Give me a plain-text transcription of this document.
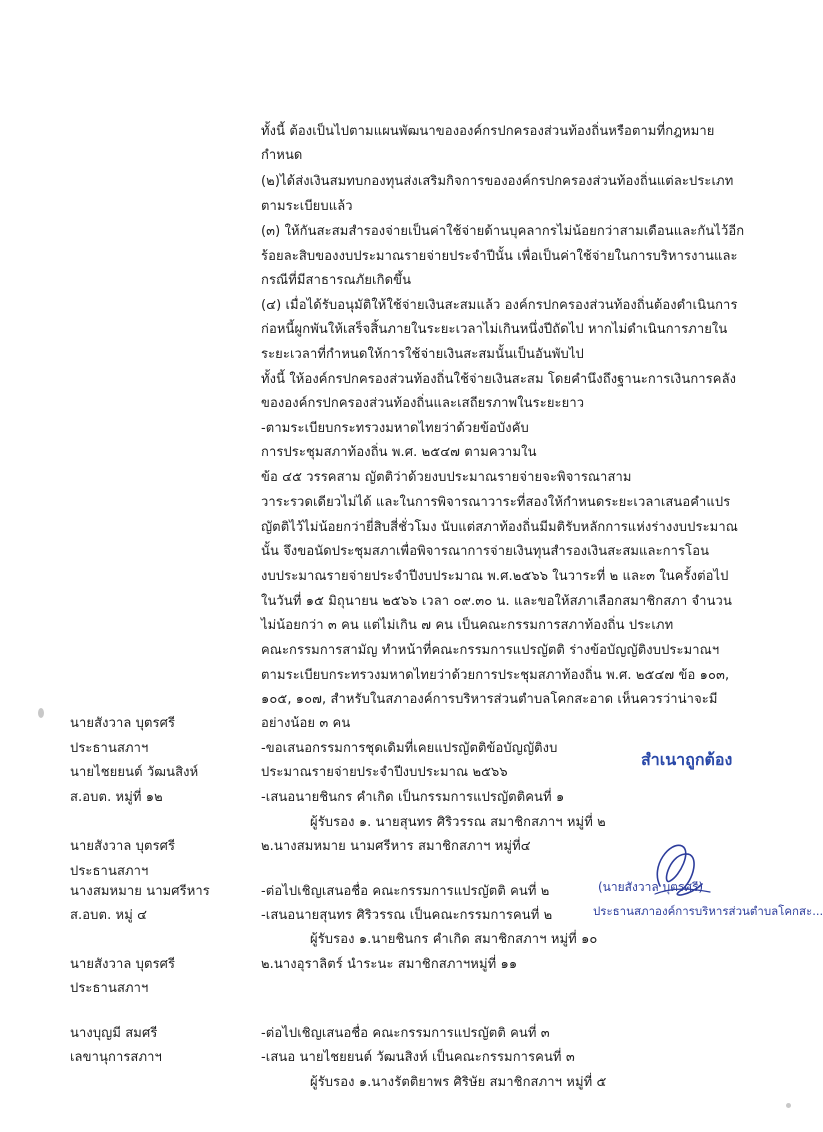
ทั้งนี้ ต้องเป็นไปตามแผนพัฒนาขององค์กรปกครองส่วนท้องถิ่นหรือตามที่กฎหมาย
กำหนด
(๒)ได้ส่งเงินสมทบกองทุนส่งเสริมกิจการขององค์กรปกครองส่วนท้องถิ่นแต่ละประเภท
ตามระเบียบแล้ว
(๓) ให้กันสะสมสำรองจ่ายเป็นค่าใช้จ่ายด้านบุคลากรไม่น้อยกว่าสามเดือนและกันไว้อีก
ร้อยละสิบของงบประมาณรายจ่ายประจำปีนั้น เพื่อเป็นค่าใช้จ่ายในการบริหารงานและ
กรณีที่มีสาธารณภัยเกิดขึ้น
(๔) เมื่อได้รับอนุมัติให้ใช้จ่ายเงินสะสมแล้ว องค์กรปกครองส่วนท้องถิ่นต้องดำเนินการ
ก่อหนี้ผูกพันให้เสร็จสิ้นภายในระยะเวลาไม่เกินหนึ่งปีถัดไป หากไม่ดำเนินการภายใน
ระยะเวลาที่กำหนดให้การใช้จ่ายเงินสะสมนั้นเป็นอันพับไป
ทั้งนี้ ให้องค์กรปกครองส่วนท้องถิ่นใช้จ่ายเงินสะสม โดยคำนึงถึงฐานะการเงินการคลัง
ขององค์กรปกครองส่วนท้องถิ่นและเสถียรภาพในระยะยาว
-ตามระเบียบกระทรวงมหาดไทยว่าด้วยข้อบังคับ
การประชุมสภาท้องถิ่น พ.ศ. ๒๕๔๗ ตามความใน
ข้อ ๔๕ วรรคสาม ญัตติว่าด้วยงบประมาณรายจ่ายจะพิจารณาสาม
วาระรวดเดียวไม่ได้ และในการพิจารณาวาระที่สองให้กำหนดระยะเวลาเสนอคำแปร
ญัตติไว้ไม่น้อยกว่ายี่สิบสี่ชั่วโมง นับแต่สภาท้องถิ่นมีมติรับหลักการแห่งร่างงบประมาณ
นั้น จึงขอนัดประชุมสภาเพื่อพิจารณาการจ่ายเงินทุนสำรองเงินสะสมและการโอน
งบประมาณรายจ่ายประจำปีงบประมาณ พ.ศ.๒๕๖๖ ในวาระที่ ๒ และ๓ ในครั้งต่อไป
ในวันที่ ๑๕ มิถุนายน ๒๕๖๖ เวลา ๐๙.๓๐ น. และขอให้สภาเลือกสมาชิกสภา จำนวน
ไม่น้อยกว่า ๓ คน แต่ไม่เกิน ๗ คน เป็นคณะกรรมการสภาท้องถิ่น ประเภท
คณะกรรมการสามัญ ทำหน้าที่คณะกรรมการแปรญัตติ ร่างข้อบัญญัติงบประมาณฯ
ตามระเบียบกระทรวงมหาดไทยว่าด้วยการประชุมสภาท้องถิ่น พ.ศ. ๒๕๔๗ ข้อ ๑๐๓,
๑๐๕, ๑๐๗, สำหรับในสภาองค์การบริหารส่วนตำบลโคกสะอาด เห็นควรว่าน่าจะมี
อย่างน้อย ๓ คน
-ขอเสนอกรรมการชุดเดิมที่เคยแปรญัตติข้อบัญญัติงบ
ประมาณรายจ่ายประจำปีงบประมาณ ๒๕๖๖
-เสนอนายชินกร คำเกิด เป็นกรรมการแปรญัตติคนที่ ๑
ผู้รับรอง ๑. นายสุนทร ศิริวรรณ สมาชิกสภาฯ หมู่ที่ ๒
๒.นางสมหมาย นามศรีหาร สมาชิกสภาฯ หมู่ที่๔
-ต่อไปเชิญเสนอชื่อ คณะกรรมการแปรญัตติ คนที่ ๒
-เสนอนายสุนทร ศิริวรรณ เป็นคณะกรรมการคนที่ ๒
ผู้รับรอง ๑.นายชินกร คำเกิด สมาชิกสภาฯ หมู่ที่ ๑๐
๒.นางอุราลิตร์ นำระนะ สมาชิกสภาฯหมู่ที่ ๑๑
-ต่อไปเชิญเสนอชื่อ คณะกรรมการแปรญัตติ คนที่ ๓
-เสนอ นายไชยยนต์ วัฒนสิงห์ เป็นคณะกรรมการคนที่ ๓
ผู้รับรอง ๑.นางรัตติยาพร ศิริษัย สมาชิกสภาฯ หมู่ที่ ๕
นายสังวาล บุตรศรี
ประธานสภาฯ
นายไชยยนต์ วัฒนสิงห์
ส.อบต. หมู่ที่ ๑๒
นายสังวาล บุตรศรี
ประธานสภาฯ
นางสมหมาย นามศรีหาร
ส.อบต. หมู่ ๔
นายสังวาล บุตรศรี
ประธานสภาฯ
นางบุญมี สมศรี
เลขานุการสภาฯ
สำเนาถูกต้อง
(นายสังวาล บุตรศรี)
ประธานสภาองค์การบริหารส่วนตำบลโคกสะ...
